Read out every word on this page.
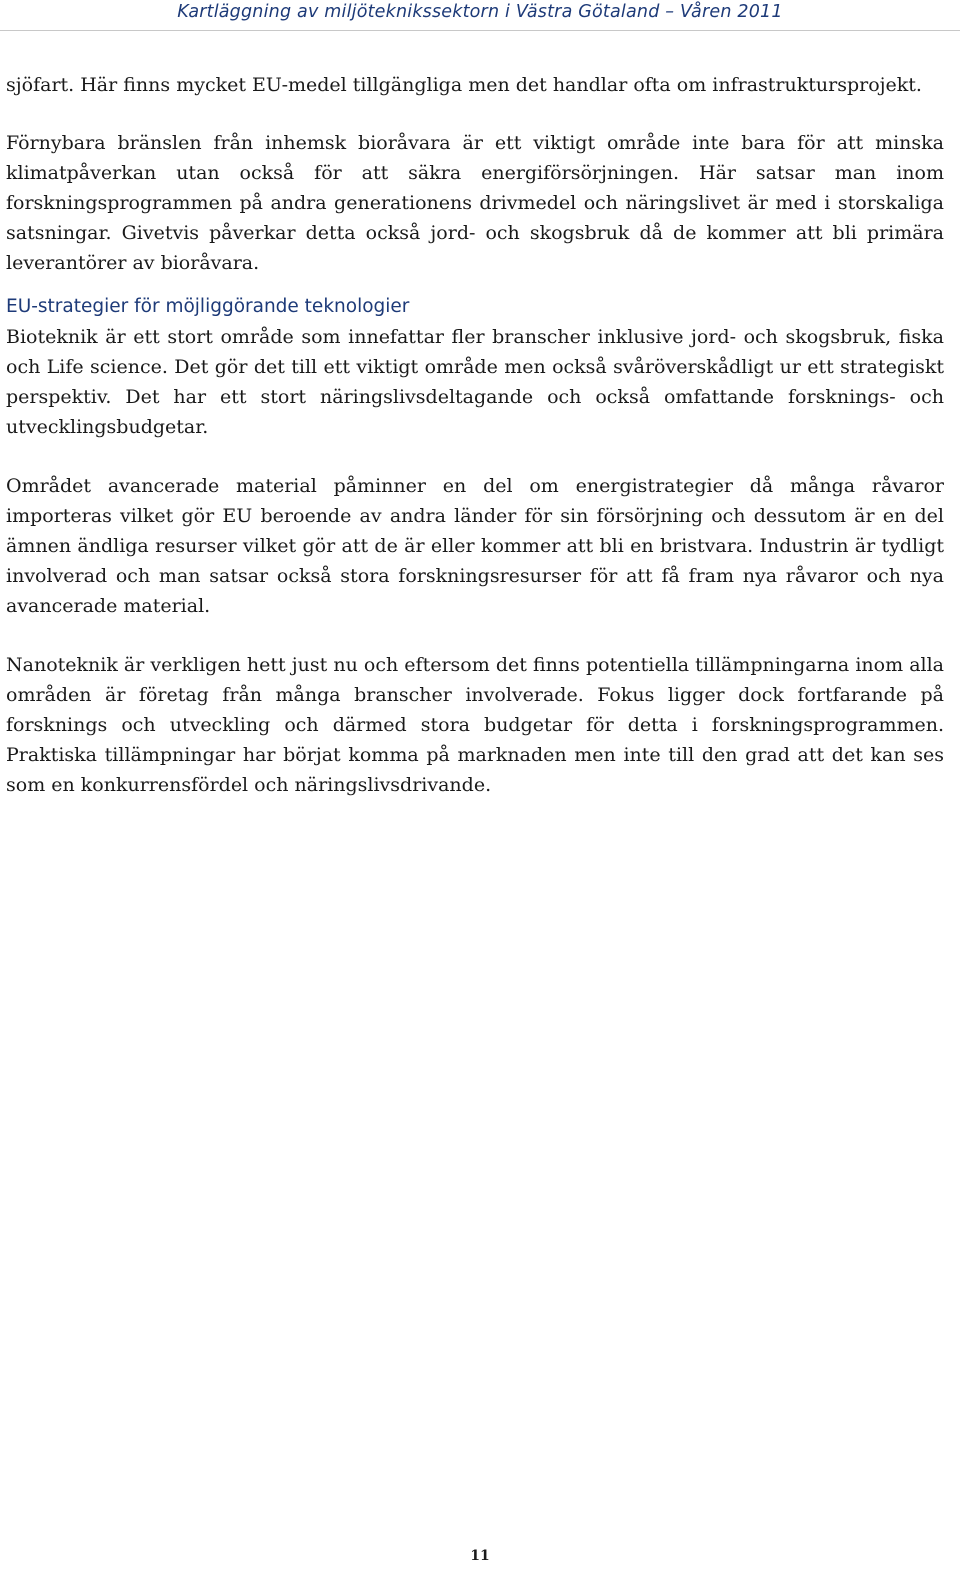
Kartläggning av miljöteknikssektorn i Västra Götaland – Våren 2011

sjöfart. Här finns mycket EU-medel tillgängliga men det handlar ofta om infrastruktursprojekt.

Förnybara bränslen från inhemsk bioråvara är ett viktigt område inte bara för att minska klimatpåverkan utan också för att säkra energiförsörjningen. Här satsar man inom forskningsprogrammen på andra generationens drivmedel och näringslivet är med i storskaliga satsningar. Givetvis påverkar detta också jord- och skogsbruk då de kommer att bli primära leverantörer av bioråvara.

EU-strategier för möjliggörande teknologier

Bioteknik är ett stort område som innefattar fler branscher inklusive jord- och skogsbruk, fiska och Life science. Det gör det till ett viktigt område men också svåröverskådligt ur ett strategiskt perspektiv. Det har ett stort näringslivsdeltagande och också omfattande forsknings- och utvecklingsbudgetar.

Området avancerade material påminner en del om energistrategier då många råvaror importeras vilket gör EU beroende av andra länder för sin försörjning och dessutom är en del ämnen ändliga resurser vilket gör att de är eller kommer att bli en bristvara. Industrin är tydligt involverad och man satsar också stora forskningsresurser för att få fram nya råvaror och nya avancerade material.

Nanoteknik är verkligen hett just nu och eftersom det finns potentiella tillämpningarna inom alla områden är företag från många branscher involverade. Fokus ligger dock fortfarande på forsknings och utveckling och därmed stora budgetar för detta i forskningsprogrammen. Praktiska tillämpningar har börjat komma på marknaden men inte till den grad att det kan ses som en konkurrensfördel och näringslivsdrivande.

11
